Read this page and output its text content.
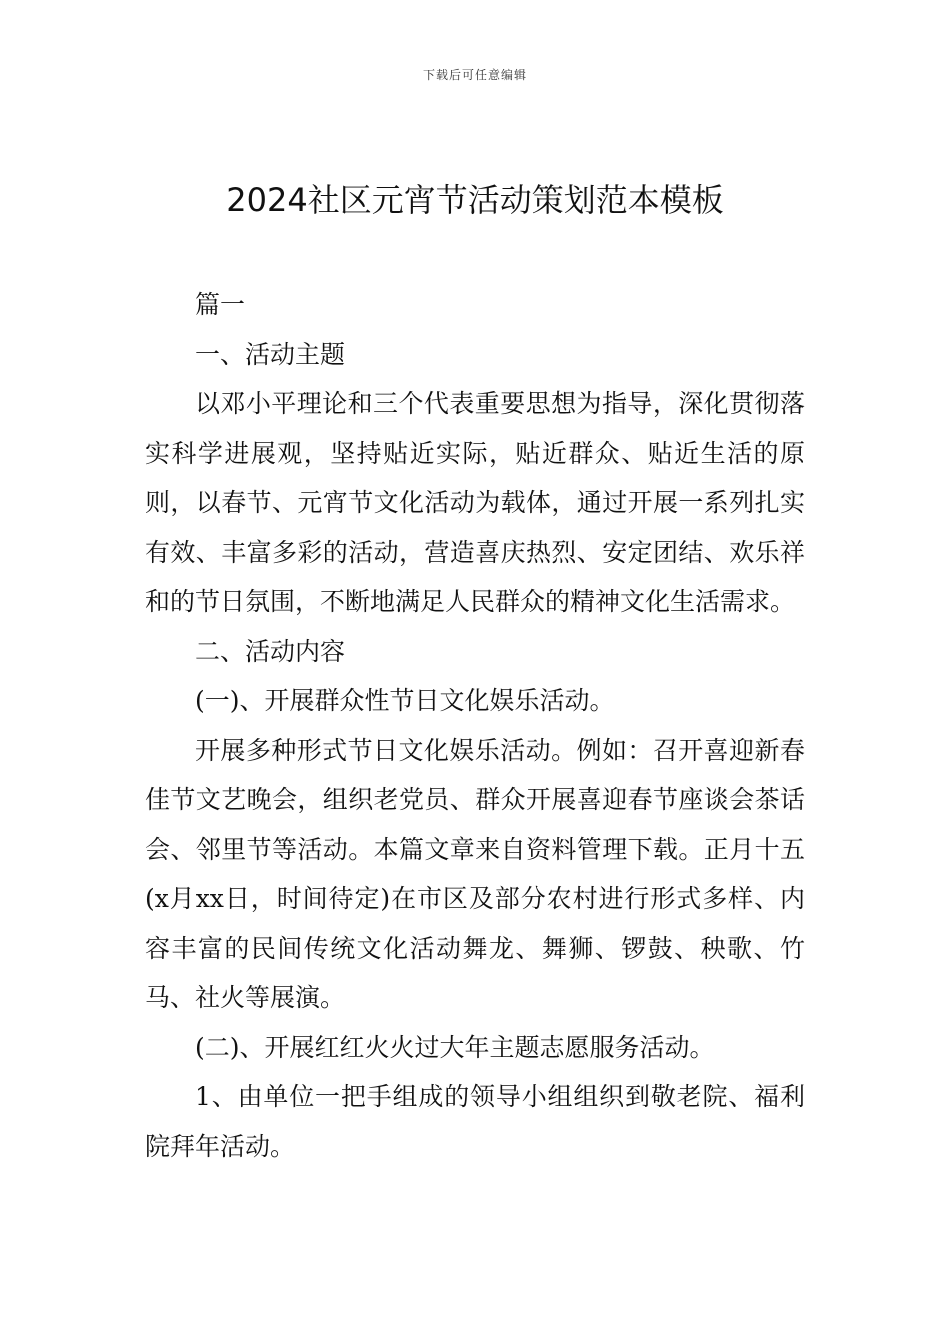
下载后可任意编辑
2024社区元宵节活动策划范本模板

篇一

一、活动主题

以邓小平理论和三个代表重要思想为指导，深化贯彻落实科学进展观，坚持贴近实际，贴近群众、贴近生活的原则，以春节、元宵节文化活动为载体，通过开展一系列扎实有效、丰富多彩的活动，营造喜庆热烈、安定团结、欢乐祥和的节日氛围，不断地满足人民群众的精神文化生活需求。

二、活动内容

(一)、开展群众性节日文化娱乐活动。

开展多种形式节日文化娱乐活动。例如：召开喜迎新春佳节文艺晚会，组织老党员、群众开展喜迎春节座谈会茶话会、邻里节等活动。本篇文章来自资料管理下载。正月十五(x月xx日，时间待定)在市区及部分农村进行形式多样、内容丰富的民间传统文化活动舞龙、舞狮、锣鼓、秧歌、竹马、社火等展演。

(二)、开展红红火火过大年主题志愿服务活动。

1、由单位一把手组成的领导小组组织到敬老院、福利院拜年活动。
